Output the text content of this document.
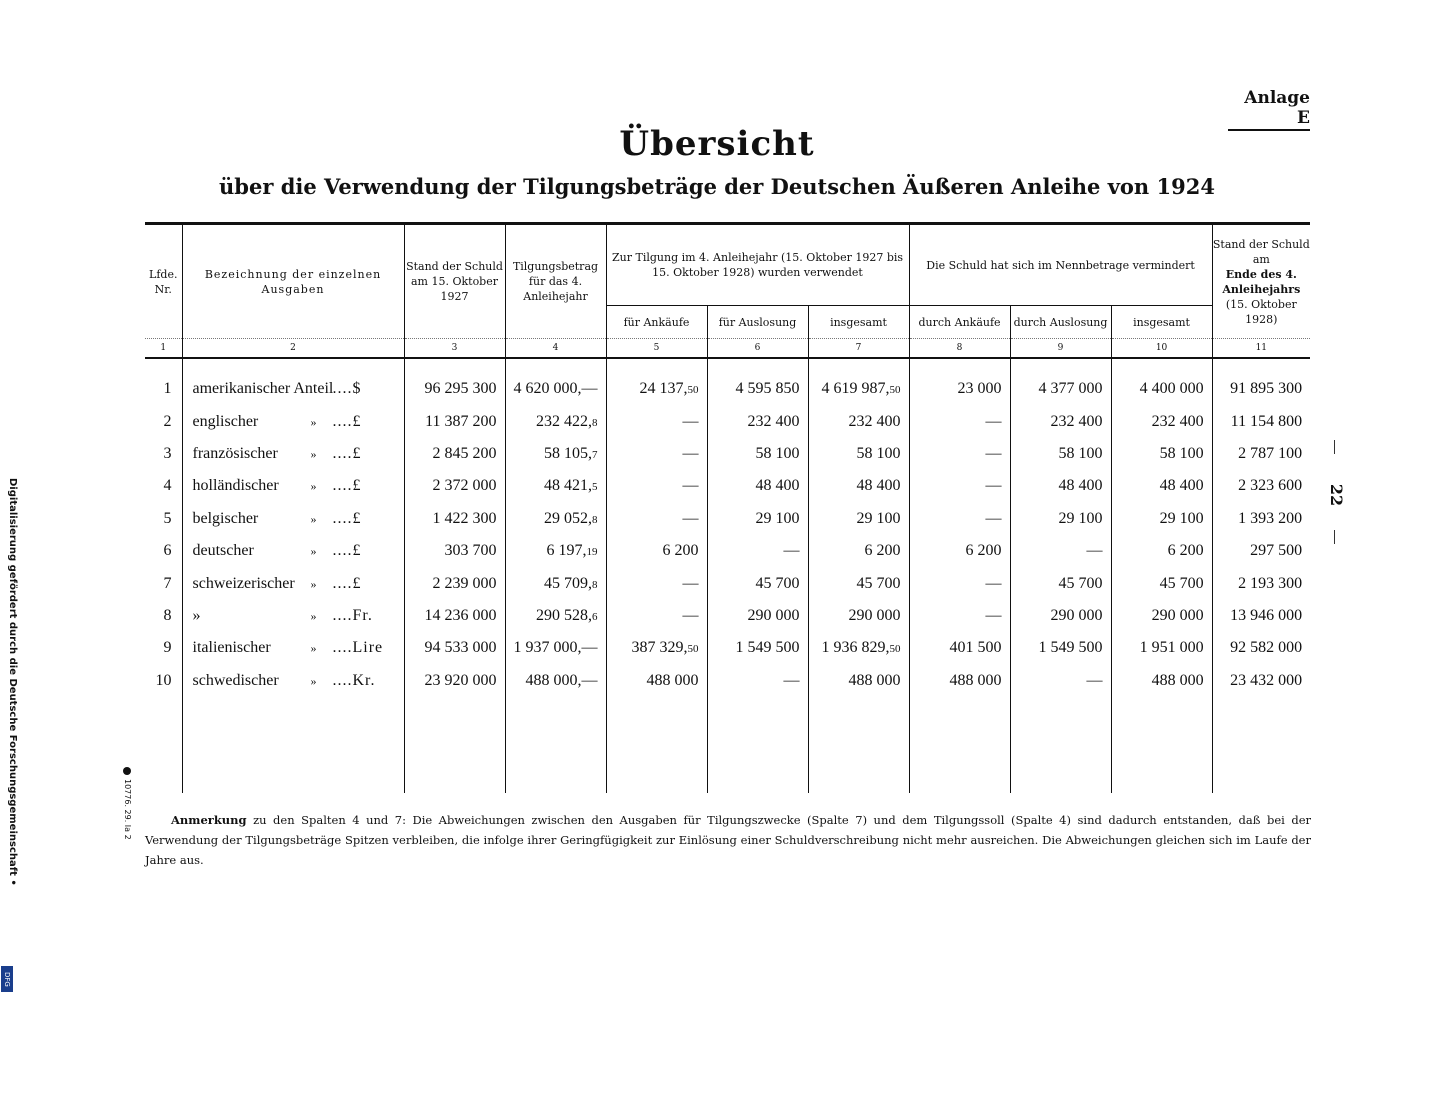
Anlage E
Übersicht
über die Verwendung der Tilgungsbeträge der Deutschen Äußeren Anleihe von 1924
22
Digitalisierung gefördert durch die Deutsche Forschungsgemeinschaft •
DFG
10776. 29. Ia 2
Lfde. Nr.	Bezeichnung der einzelnen Ausgaben	Stand der Schuld am 15. Oktober 1927	Tilgungsbetrag für das 4. Anleihejahr	Zur Tilgung im 4. Anleihejahr (15. Oktober 1927 bis 15. Oktober 1928) wurden verwendet			Die Schuld hat sich im Nennbetrage vermindert			Stand der Schuld am
Ende des 4. Anleihejahrs
(15. Oktober 1928)
				für Ankäufe	für Auslosung	insgesamt	durch Ankäufe	durch Auslosung	insgesamt	
1	2	3	4	5	6	7	8	9	10	11
1	amerikanischer Anteil....$	96 295 300	4 620 000,—	24 137,50	4 595 850	4 619 987,50	23 000	4 377 000	4 400 000	91 895 300
2	englischer » ....£	11 387 200	232 422,8	—	232 400	232 400	—	232 400	232 400	11 154 800
3	französischer » ....£	2 845 200	58 105,7	—	58 100	58 100	—	58 100	58 100	2 787 100
4	holländischer » ....£	2 372 000	48 421,5	—	48 400	48 400	—	48 400	48 400	2 323 600
5	belgischer » ....£	1 422 300	29 052,8	—	29 100	29 100	—	29 100	29 100	1 393 200
6	deutscher » ....£	303 700	6 197,19	6 200	—	6 200	6 200	—	6 200	297 500
7	schweizerischer » ....£	2 239 000	45 709,8	—	45 700	45 700	—	45 700	45 700	2 193 300
8	» » ....Fr.	14 236 000	290 528,6	—	290 000	290 000	—	290 000	290 000	13 946 000
9	italienischer » ....Lire	94 533 000	1 937 000,—	387 329,50	1 549 500	1 936 829,50	401 500	1 549 500	1 951 000	92 582 000
10	schwedischer » ....Kr.	23 920 000	488 000,—	488 000	—	488 000	488 000	—	488 000	23 432 000

Anmerkung zu den Spalten 4 und 7: Die Abweichungen zwischen den Ausgaben für Tilgungszwecke (Spalte 7) und dem Tilgungssoll (Spalte 4) sind dadurch entstanden, daß bei der Verwendung der Tilgungsbeträge Spitzen verbleiben, die infolge ihrer Geringfügigkeit zur Einlösung einer Schuldverschreibung nicht mehr ausreichen. Die Abweichungen gleichen sich im Laufe der Jahre aus.
